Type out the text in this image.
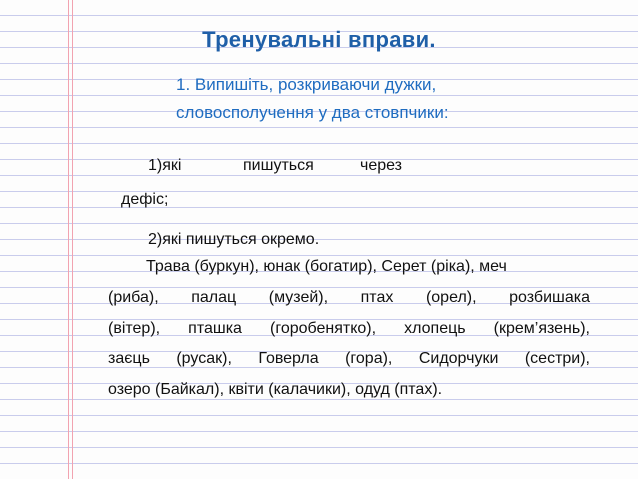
Тренувальні вправи.
1. Випишіть, розкриваючи дужки,
словосполучення у два стовпчики:
1)які	пишуться	через
дефіс;
2)які пишуться окремо.
Трава (буркун), юнак (богатир), Серет (ріка), меч
(риба), палац (музей), птах (орел), розбишака
(вітер), пташка (горобенятко), хлопець (крем’язень),
заєць (русак), Говерла (гора), Сидорчуки (сестри),
озеро (Байкал), квіти (калачики), одуд (птах).
